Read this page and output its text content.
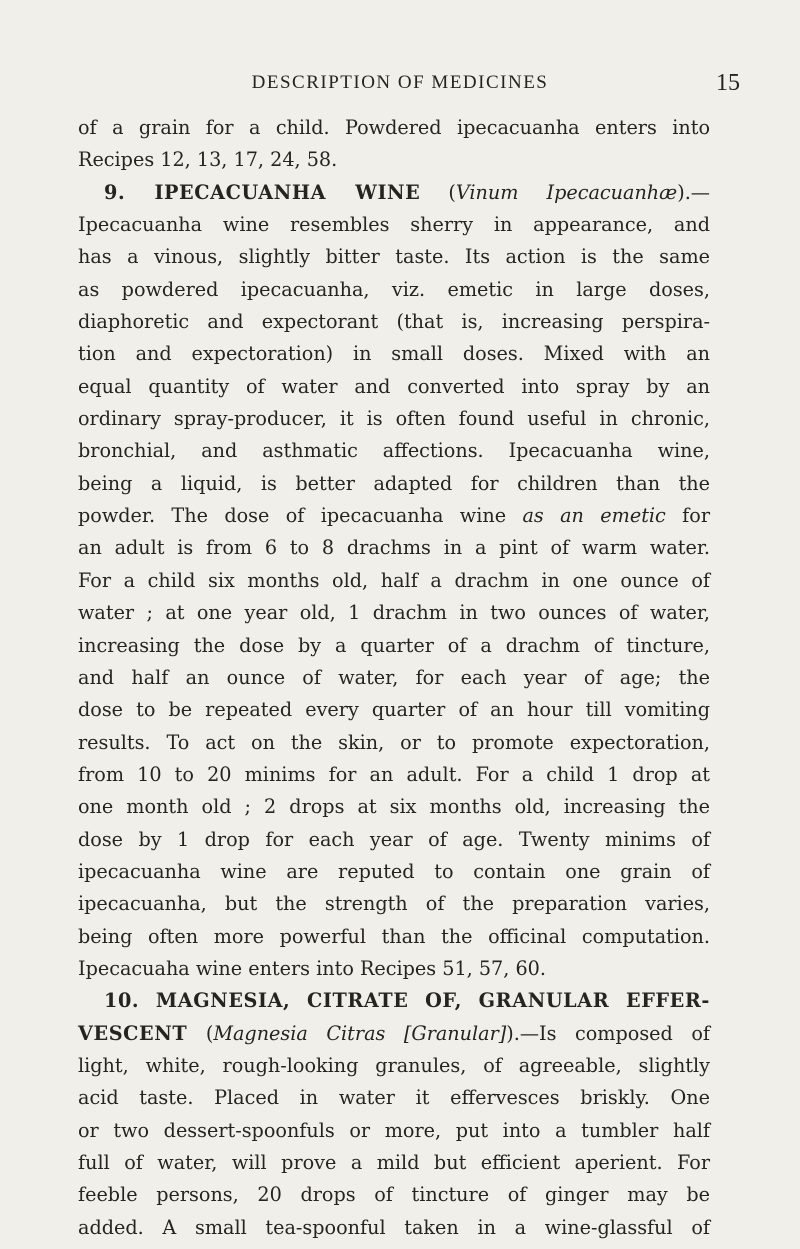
DESCRIPTION OF MEDICINES	15
of a grain for a child. Powdered ipecacuanha enters into
Recipes 12, 13, 17, 24, 58.
9. IPECACUANHA WINE (Vinum Ipecacuanhæ).—
Ipecacuanha wine resembles sherry in appearance, and
has a vinous, slightly bitter taste. Its action is the same
as powdered ipecacuanha, viz. emetic in large doses,
diaphoretic and expectorant (that is, increasing perspira-
tion and expectoration) in small doses. Mixed with an
equal quantity of water and converted into spray by an
ordinary spray-producer, it is often found useful in chronic,
bronchial, and asthmatic affections. Ipecacuanha wine,
being a liquid, is better adapted for children than the
powder. The dose of ipecacuanha wine as an emetic for
an adult is from 6 to 8 drachms in a pint of warm water.
For a child six months old, half a drachm in one ounce of
water ; at one year old, 1 drachm in two ounces of water,
increasing the dose by a quarter of a drachm of tincture,
and half an ounce of water, for each year of age; the
dose to be repeated every quarter of an hour till vomiting
results. To act on the skin, or to promote expectoration,
from 10 to 20 minims for an adult. For a child 1 drop at
one month old ; 2 drops at six months old, increasing the
dose by 1 drop for each year of age. Twenty minims of
ipecacuanha wine are reputed to contain one grain of
ipecacuanha, but the strength of the preparation varies,
being often more powerful than the officinal computation.
Ipecacuaha wine enters into Recipes 51, 57, 60.
10. MAGNESIA, CITRATE OF, GRANULAR EFFER-
VESCENT (Magnesia Citras [Granular]).—Is composed of
light, white, rough-looking granules, of agreeable, slightly
acid taste. Placed in water it effervesces briskly. One
or two dessert-spoonfuls or more, put into a tumbler half
full of water, will prove a mild but efficient aperient. For
feeble persons, 20 drops of tincture of ginger may be
added. A small tea-spoonful taken in a wine-glassful of
